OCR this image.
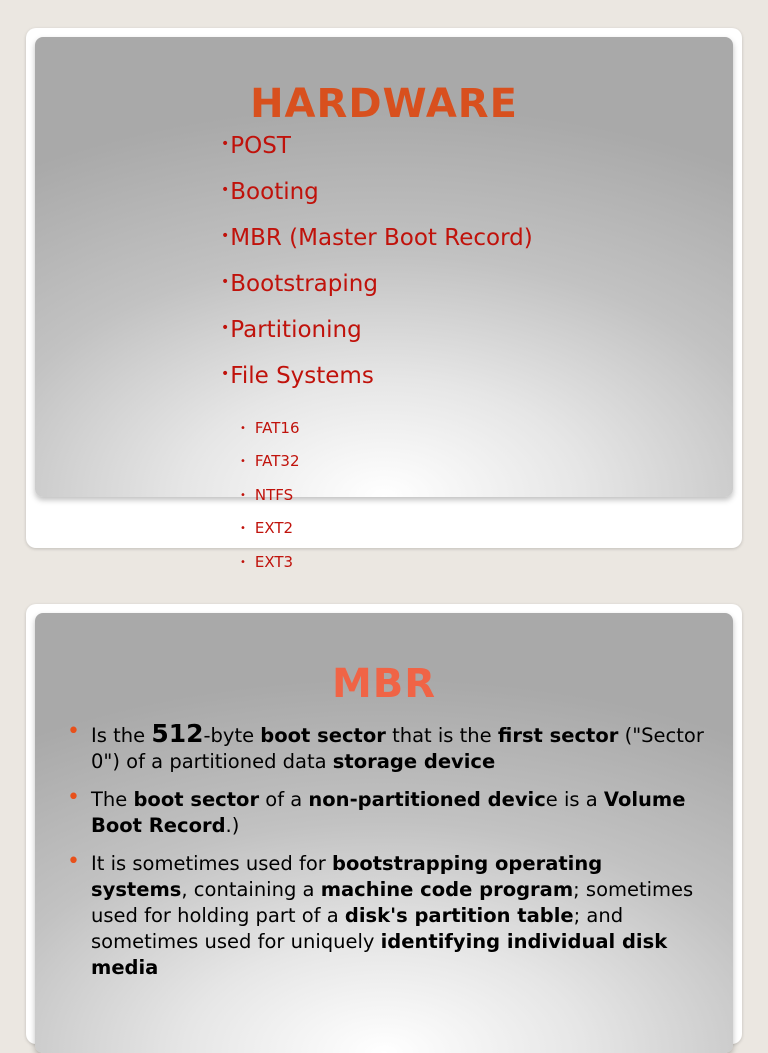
HARDWARE
•POST
•Booting
•MBR (Master Boot Record)
•Bootstraping
•Partitioning
•File Systems
• FAT16
• FAT32
• NTFS
• EXT2
• EXT3
MBR
• Is the 512-byte boot sector that is the first sector ("Sector 0") of a partitioned data storage device
• The boot sector of a non-partitioned device is a Volume Boot Record.)
• It is sometimes used for bootstrapping operating systems, containing a machine code program; sometimes used for holding part of a disk's partition table; and sometimes used for uniquely identifying individual disk media
